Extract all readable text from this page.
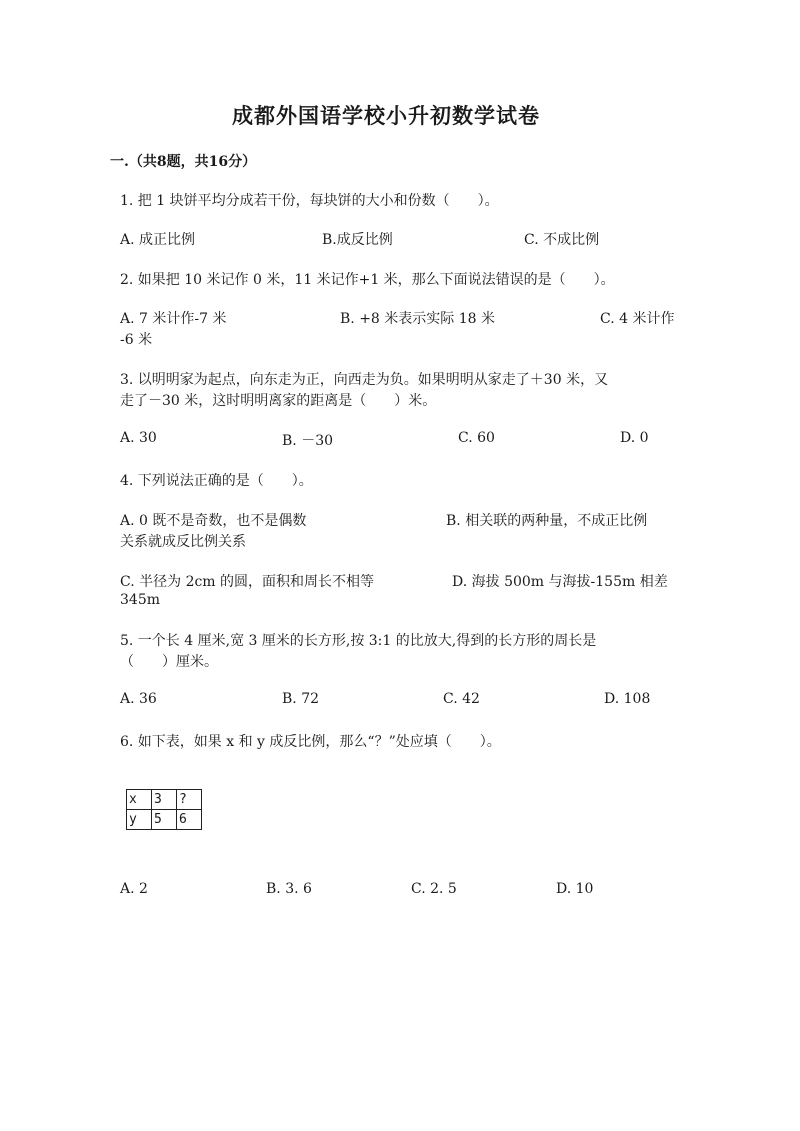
成都外国语学校小升初数学试卷
一.（共8题，共16分）
1. 把 1 块饼平均分成若干份，每块饼的大小和份数（　　）。
A. 成正比例	B.成反比例	C. 不成比例
2. 如果把 10 米记作 0 米，11 米记作+1 米，那么下面说法错误的是（　　）。
A. 7 米计作-7 米	B. +8 米表示实际 18 米	C. 4 米计作
-6 米
3. 以明明家为起点，向东走为正，向西走为负。如果明明从家走了＋30 米，又
走了－30 米，这时明明离家的距离是（　　）米。
A. 30	B. －30	C. 60	D. 0
4. 下列说法正确的是（　　）。
A. 0 既不是奇数，也不是偶数	B. 相关联的两种量，不成正比例
关系就成反比例关系
C. 半径为 2cm 的圆，面积和周长不相等	D. 海拔 500m 与海拔-155m 相差
345m
5. 一个长 4 厘米,宽 3 厘米的长方形,按 3:1 的比放大,得到的长方形的周长是
（　　）厘米。
A. 36	B. 72	C. 42	D. 108
6. 如下表，如果 x 和 y 成反比例，那么“？”处应填（　　）。
x	3	?
y	5	6
A. 2	B. 3. 6	C. 2. 5	D. 10
